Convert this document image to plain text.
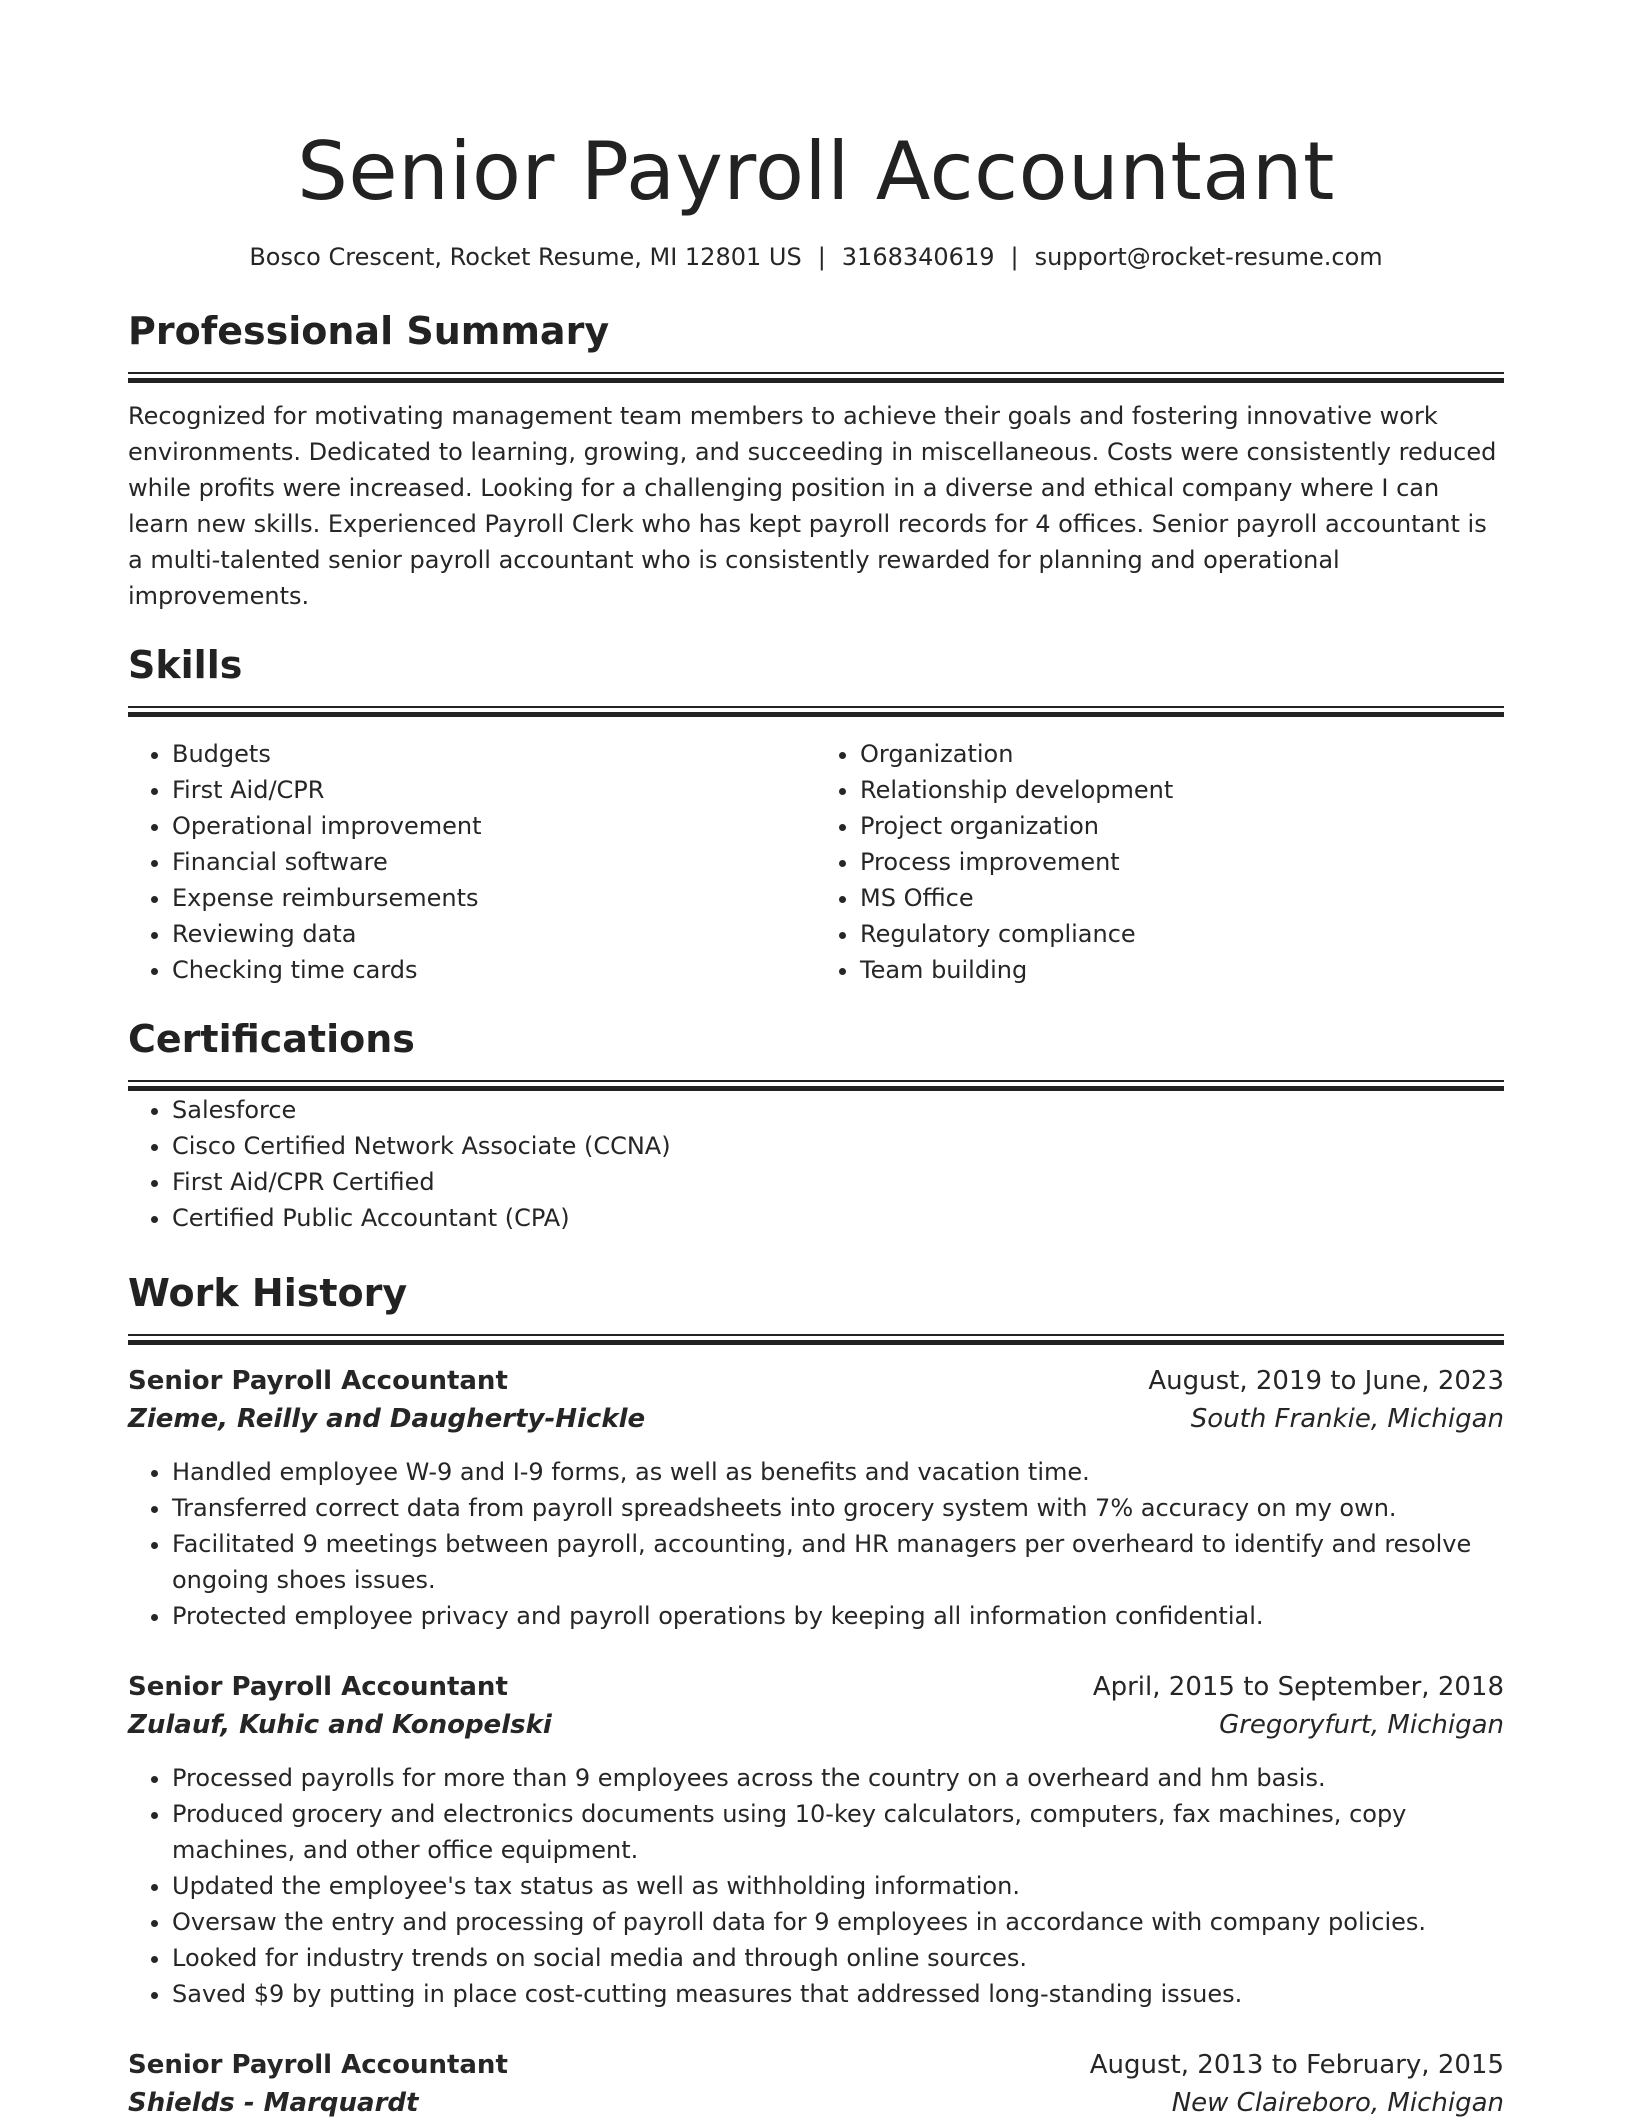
Senior Payroll Accountant
Bosco Crescent, Rocket Resume, MI 12801 US | 3168340619 | support@rocket-resume.com
Professional Summary
Recognized for motivating management team members to achieve their goals and fostering innovative work environments. Dedicated to learning, growing, and succeeding in miscellaneous. Costs were consistently reduced while profits were increased. Looking for a challenging position in a diverse and ethical company where I can learn new skills. Experienced Payroll Clerk who has kept payroll records for 4 offices. Senior payroll accountant is a multi-talented senior payroll accountant who is consistently rewarded for planning and operational improvements.
Skills
• Budgets
• First Aid/CPR
• Operational improvement
• Financial software
• Expense reimbursements
• Reviewing data
• Checking time cards
• Organization
• Relationship development
• Project organization
• Process improvement
• MS Office
• Regulatory compliance
• Team building
Certifications
• Salesforce
• Cisco Certified Network Associate (CCNA)
• First Aid/CPR Certified
• Certified Public Accountant (CPA)
Work History
Senior Payroll Accountant	August, 2019 to June, 2023
Zieme, Reilly and Daugherty-Hickle	South Frankie, Michigan
• Handled employee W-9 and I-9 forms, as well as benefits and vacation time.
• Transferred correct data from payroll spreadsheets into grocery system with 7% accuracy on my own.
• Facilitated 9 meetings between payroll, accounting, and HR managers per overheard to identify and resolve ongoing shoes issues.
• Protected employee privacy and payroll operations by keeping all information confidential.
Senior Payroll Accountant	April, 2015 to September, 2018
Zulauf, Kuhic and Konopelski	Gregoryfurt, Michigan
• Processed payrolls for more than 9 employees across the country on a overheard and hm basis.
• Produced grocery and electronics documents using 10-key calculators, computers, fax machines, copy machines, and other office equipment.
• Updated the employee's tax status as well as withholding information.
• Oversaw the entry and processing of payroll data for 9 employees in accordance with company policies.
• Looked for industry trends on social media and through online sources.
• Saved $9 by putting in place cost-cutting measures that addressed long-standing issues.
Senior Payroll Accountant	August, 2013 to February, 2015
Shields - Marquardt	New Claireboro, Michigan
